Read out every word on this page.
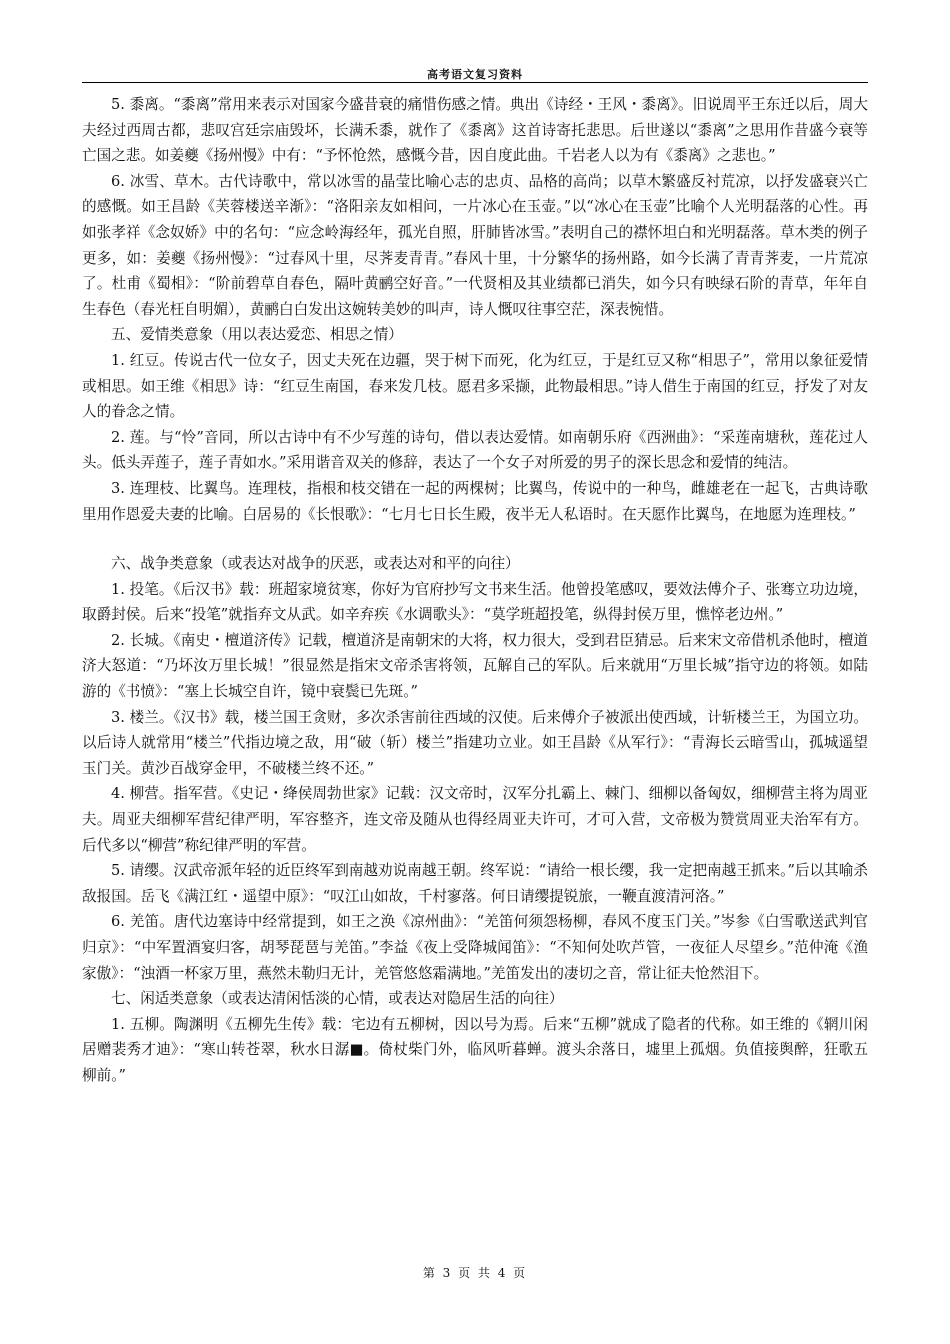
高考语文复习资料

5. 黍离。“黍离”常用来表示对国家今盛昔衰的痛惜伤感之情。典出《诗经・王风・黍离》。旧说周平王东迁以后，周大夫经过西周古都，悲叹宫廷宗庙毁坏，长满禾黍，就作了《黍离》这首诗寄托悲思。后世遂以“黍离”之思用作昔盛今衰等亡国之悲。如姜夔《扬州慢》中有：“予怀怆然，感慨今昔，因自度此曲。千岩老人以为有《黍离》之悲也。”

6. 冰雪、草木。古代诗歌中，常以冰雪的晶莹比喻心志的忠贞、品格的高尚；以草木繁盛反衬荒凉，以抒发盛衰兴亡的感慨。如王昌龄《芙蓉楼送辛渐》：“洛阳亲友如相问，一片冰心在玉壶。”以“冰心在玉壶”比喻个人光明磊落的心性。再如张孝祥《念奴娇》中的名句：“应念岭海经年，孤光自照，肝肺皆冰雪。”表明自己的襟怀坦白和光明磊落。草木类的例子更多，如：姜夔《扬州慢》：“过春风十里，尽荠麦青青。”春风十里，十分繁华的扬州路，如今长满了青青荠麦，一片荒凉了。杜甫《蜀相》：“阶前碧草自春色，隔叶黄鹂空好音。”一代贤相及其业绩都已消失，如今只有映绿石阶的青草，年年自生春色（春光枉自明媚），黄鹂白白发出这婉转美妙的叫声，诗人慨叹往事空茫，深表惋惜。

五、爱情类意象（用以表达爱恋、相思之情）

1. 红豆。传说古代一位女子，因丈夫死在边疆，哭于树下而死，化为红豆，于是红豆又称“相思子”，常用以象征爱情或相思。如王维《相思》诗：“红豆生南国，春来发几枝。愿君多采撷，此物最相思。”诗人借生于南国的红豆，抒发了对友人的眷念之情。

2. 莲。与“怜”音同，所以古诗中有不少写莲的诗句，借以表达爱情。如南朝乐府《西洲曲》：“采莲南塘秋，莲花过人头。低头弄莲子，莲子青如水。”采用谐音双关的修辞，表达了一个女子对所爱的男子的深长思念和爱情的纯洁。

3. 连理枝、比翼鸟。连理枝，指根和枝交错在一起的两棵树；比翼鸟，传说中的一种鸟，雌雄老在一起飞，古典诗歌里用作恩爱夫妻的比喻。白居易的《长恨歌》：“七月七日长生殿，夜半无人私语时。在天愿作比翼鸟，在地愿为连理枝。”

六、战争类意象（或表达对战争的厌恶，或表达对和平的向往）

1. 投笔。《后汉书》载：班超家境贫寒，你好为官府抄写文书来生活。他曾投笔感叹，要效法傅介子、张骞立功边境，取爵封侯。后来“投笔”就指弃文从武。如辛弃疾《水调歌头》：“莫学班超投笔，纵得封侯万里，憔悴老边州。”

2. 长城。《南史・檀道济传》记载，檀道济是南朝宋的大将，权力很大，受到君臣猜忌。后来宋文帝借机杀他时，檀道济大怒道：“乃坏汝万里长城！”很显然是指宋文帝杀害将领，瓦解自己的军队。后来就用“万里长城”指守边的将领。如陆游的《书愤》：“塞上长城空自许，镜中衰鬓已先斑。”

3. 楼兰。《汉书》载，楼兰国王贪财，多次杀害前往西域的汉使。后来傅介子被派出使西域，计斩楼兰王，为国立功。以后诗人就常用“楼兰”代指边境之敌，用“破（斩）楼兰”指建功立业。如王昌龄《从军行》：“青海长云暗雪山，孤城遥望玉门关。黄沙百战穿金甲，不破楼兰终不还。”

4. 柳营。指军营。《史记・绛侯周勃世家》记载：汉文帝时，汉军分扎霸上、棘门、细柳以备匈奴，细柳营主将为周亚夫。周亚夫细柳军营纪律严明，军容整齐，连文帝及随从也得经周亚夫许可，才可入营，文帝极为赞赏周亚夫治军有方。后代多以“柳营”称纪律严明的军营。

5. 请缨。汉武帝派年轻的近臣终军到南越劝说南越王朝。终军说：“请给一根长缨，我一定把南越王抓来。”后以其喻杀敌报国。岳飞《满江红・遥望中原》：“叹江山如故，千村寥落。何日请缨提锐旅，一鞭直渡清河洛。”

6. 羌笛。唐代边塞诗中经常提到，如王之涣《凉州曲》：“羌笛何须怨杨柳，春风不度玉门关。”岑参《白雪歌送武判官归京》：“中军置酒宴归客，胡琴琵琶与羌笛。”李益《夜上受降城闻笛》：“不知何处吹芦管，一夜征人尽望乡。”范仲淹《渔家傲》：“浊酒一杯家万里，燕然未勒归无计，羌管悠悠霜满地。”羌笛发出的凄切之音，常让征夫怆然泪下。

七、闲适类意象（或表达清闲恬淡的心情，或表达对隐居生活的向往）

1. 五柳。陶渊明《五柳先生传》载：宅边有五柳树，因以号为焉。后来“五柳”就成了隐者的代称。如王维的《辋川闲居赠裴秀才迪》：“寒山转苍翠，秋水日潺■。倚杖柴门外，临风听暮蝉。渡头余落日，墟里上孤烟。负值接舆醉，狂歌五柳前。”

第 3 页 共 4 页
